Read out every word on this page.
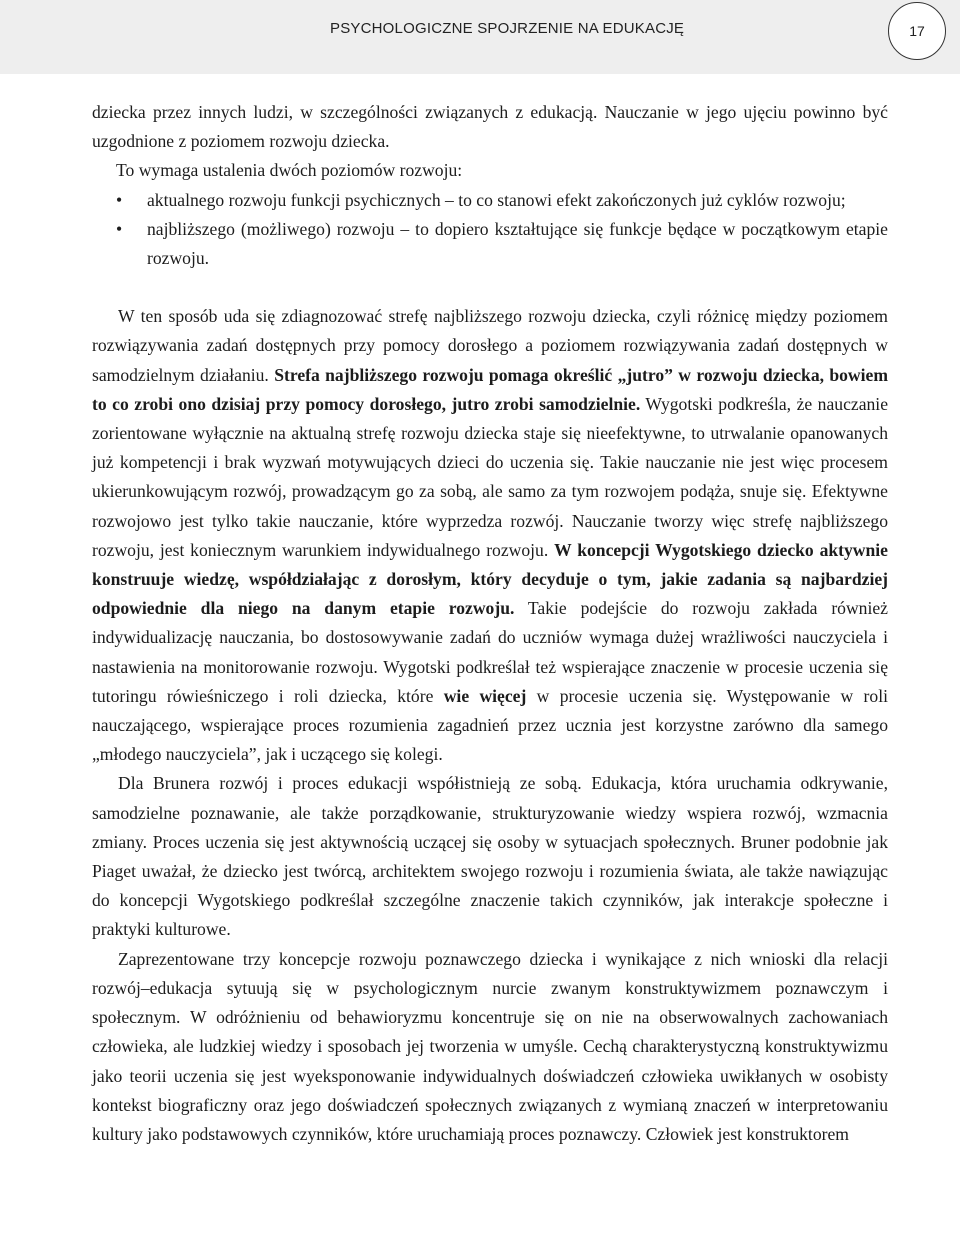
PSYCHOLOGICZNE SPOJRZENIE NA EDUKACJĘ	17

dziecka przez innych ludzi, w szczególności związanych z edukacją. Nauczanie w jego ujęciu powinno być uzgodnione z poziomem rozwoju dziecka.

To wymaga ustalenia dwóch poziomów rozwoju:

• aktualnego rozwoju funkcji psychicznych – to co stanowi efekt zakończonych już cyklów rozwoju;
• najbliższego (możliwego) rozwoju – to dopiero kształtujące się funkcje będące w początkowym etapie rozwoju.

W ten sposób uda się zdiagnozować strefę najbliższego rozwoju dziecka, czyli różnicę między poziomem rozwiązywania zadań dostępnych przy pomocy dorosłego a poziomem rozwiązywania zadań dostępnych w samodzielnym działaniu. Strefa najbliższego rozwoju pomaga określić „jutro” w rozwoju dziecka, bowiem to co zrobi ono dzisiaj przy pomocy dorosłego, jutro zrobi samodzielnie. Wygotski podkreśla, że nauczanie zorientowane wyłącznie na aktualną strefę rozwoju dziecka staje się nieefektywne, to utrwalanie opanowanych już kompetencji i brak wyzwań motywujących dzieci do uczenia się. Takie nauczanie nie jest więc procesem ukierunkowującym rozwój, prowadzącym go za sobą, ale samo za tym rozwojem podąża, snuje się. Efektywne rozwojowo jest tylko takie nauczanie, które wyprzedza rozwój. Nauczanie tworzy więc strefę najbliższego rozwoju, jest koniecznym warunkiem indywidualnego rozwoju. W koncepcji Wygotskiego dziecko aktywnie konstruuje wiedzę, współdziałając z dorosłym, który decyduje o tym, jakie zadania są najbardziej odpowiednie dla niego na danym etapie rozwoju. Takie podejście do rozwoju zakłada również indywidualizację nauczania, bo dostosowywanie zadań do uczniów wymaga dużej wrażliwości nauczyciela i nastawienia na monitorowanie rozwoju. Wygotski podkreślał też wspierające znaczenie w procesie uczenia się tutoringu rówieśniczego i roli dziecka, które wie więcej w procesie uczenia się. Występowanie w roli nauczającego, wspierające proces rozumienia zagadnień przez ucznia jest korzystne zarówno dla samego „młodego nauczyciela”, jak i uczącego się kolegi.

Dla Brunera rozwój i proces edukacji współistnieją ze sobą. Edukacja, która uruchamia odkrywanie, samodzielne poznawanie, ale także porządkowanie, strukturyzowanie wiedzy wspiera rozwój, wzmacnia zmiany. Proces uczenia się jest aktywnością uczącej się osoby w sytuacjach społecznych. Bruner podobnie jak Piaget uważał, że dziecko jest twórcą, architektem swojego rozwoju i rozumienia świata, ale także nawiązując do koncepcji Wygotskiego podkreślał szczególne znaczenie takich czynników, jak interakcje społeczne i praktyki kulturowe.

Zaprezentowane trzy koncepcje rozwoju poznawczego dziecka i wynikające z nich wnioski dla relacji rozwój–edukacja sytuują się w psychologicznym nurcie zwanym konstruktywizmem poznawczym i społecznym. W odróżnieniu od behawioryzmu koncentruje się on nie na obserwowalnych zachowaniach człowieka, ale ludzkiej wiedzy i sposobach jej tworzenia w umyśle. Cechą charakterystyczną konstruktywizmu jako teorii uczenia się jest wyeksponowanie indywidualnych doświadczeń człowieka uwikłanych w osobisty kontekst biograficzny oraz jego doświadczeń społecznych związanych z wymianą znaczeń w interpretowaniu kultury jako podstawowych czynników, które uruchamiają proces poznawczy. Człowiek jest konstruktorem
